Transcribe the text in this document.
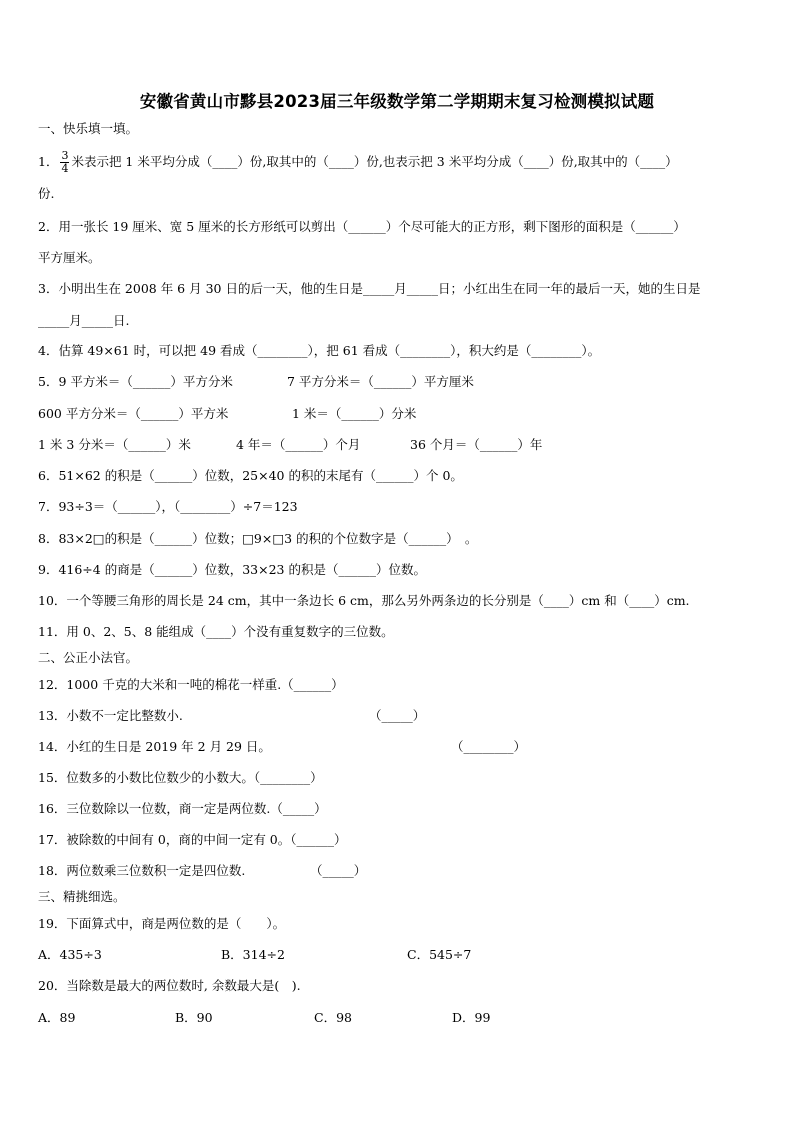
安徽省黄山市黟县2023届三年级数学第二学期期末复习检测模拟试题
一、快乐填一填。
1． $\frac{3}{4}$ 米表示把 1 米平均分成（____）份,取其中的（____）份,也表示把 3 米平均分成（____）份,取其中的（____）
份.
2．用一张长 19 厘米、宽 5 厘米的长方形纸可以剪出（______）个尽可能大的正方形，剩下图形的面积是（______）
平方厘米。
3．小明出生在 2008 年 6 月 30 日的后一天，他的生日是_____月_____日；小红出生在同一年的最后一天，她的生日是
_____月_____日.
4．估算 49×61 时，可以把 49 看成（________），把 61 看成（________），积大约是（________）。
5．9 平方米＝（______）平方分米	7 平方分米＝（______）平方厘米
600 平方分米＝（______）平方米	1 米＝（______）分米
1 米 3 分米＝（______）米	4 年＝（______）个月	36 个月＝（______）年
6．51×62 的积是（______）位数，25×40 的积的末尾有（______）个 0。
7．93÷3＝（______），（________）÷7＝123
8．83×2□的积是（______）位数；□9×□3 的积的个位数字是（______）　。
9．416÷4 的商是（______）位数，33×23 的积是（______）位数。
10．一个等腰三角形的周长是 24 cm，其中一条边长 6 cm，那么另外两条边的长分别是（____）cm 和（____）cm.
11．用 0、2、5、8 能组成（____）个没有重复数字的三位数。
二、公正小法官。
12．1000 千克的大米和一吨的棉花一样重.（______）
13．小数不一定比整数小.	（_____）
14．小红的生日是 2019 年 2 月 29 日。	（________）
15．位数多的小数比位数少的小数大。（________）
16．三位数除以一位数，商一定是两位数.（_____）
17．被除数的中间有 0，商的中间一定有 0。（______）
18．两位数乘三位数积一定是四位数.	（_____）
三、精挑细选。
19．下面算式中，商是两位数的是（　　）。
A．435÷3	B．314÷2	C．545÷7
20．当除数是最大的两位数时, 余数最大是(　).
A．89	B．90	C．98	D．99
